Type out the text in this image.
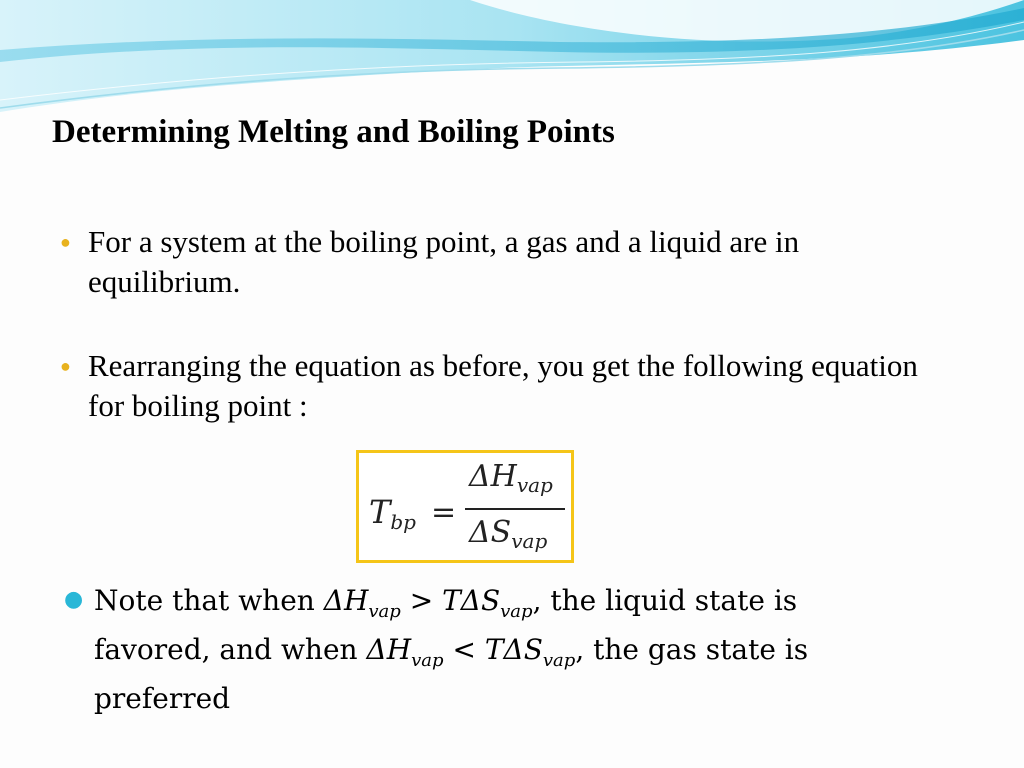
Determining Melting and Boiling Points
● For a system at the boiling point, a gas and a liquid are in equilibrium.
● Rearranging the equation as before, you get the following equation for boiling point :
$T_{bp}$ =
$\Delta H_{vap}$
$\Delta S_{vap}$
● Note that when $\Delta H_{vap} > T\Delta S_{vap}$, the liquid state is favored, and when $\Delta H_{vap} < T\Delta S_{vap}$, the gas state is preferred
